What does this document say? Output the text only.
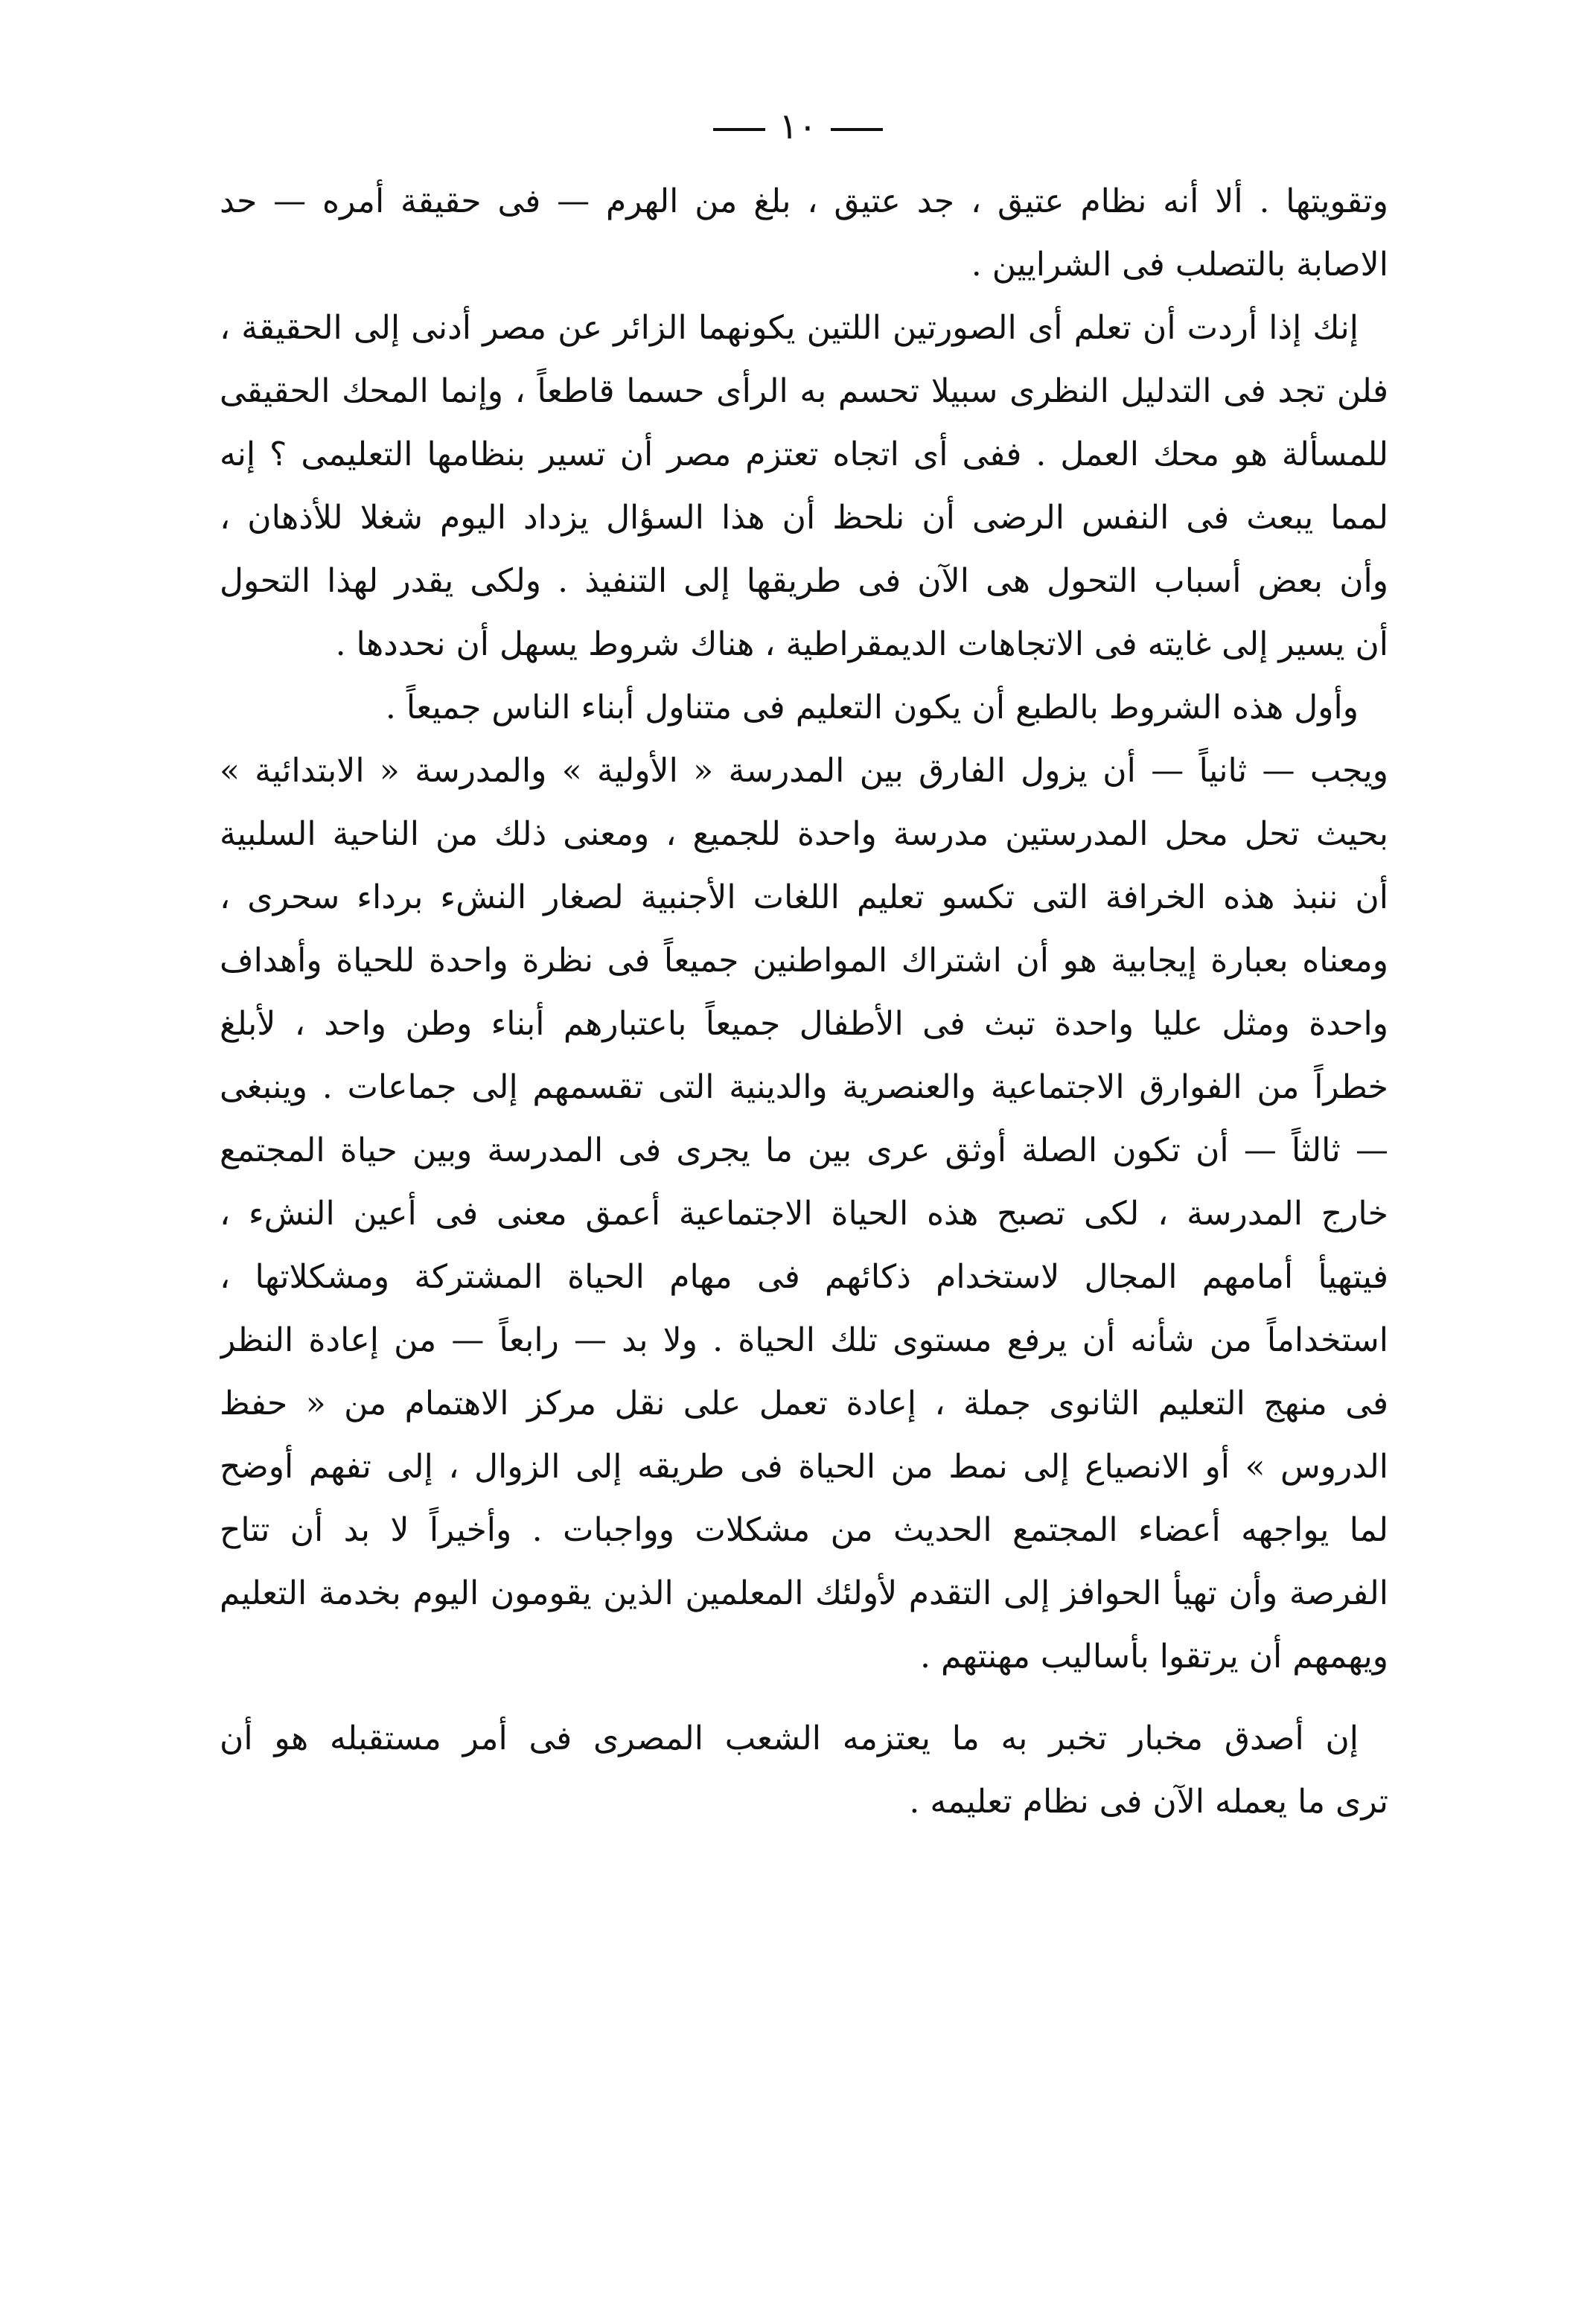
١٠
وتقويتها . ألا أنه نظام عتيق ، جد عتيق ، بلغ من الهرم — فى حقيقة أمره — حد
الاصابة بالتصلب فى الشرايين .
إنك إذا أردت أن تعلم أى الصورتين اللتين يكونهما الزائر عن مصر أدنى إلى الحقيقة ،
فلن تجد فى التدليل النظرى سبيلا تحسم به الرأى حسما قاطعاً ، وإنما المحك الحقيقى
للمسألة هو محك العمل . ففى أى اتجاه تعتزم مصر أن تسير بنظامها التعليمى ؟ إنه
لمما يبعث فى النفس الرضى أن نلحظ أن هذا السؤال يزداد اليوم شغلا للأذهان ،
وأن بعض أسباب التحول هى الآن فى طريقها إلى التنفيذ . ولكى يقدر لهذا التحول
أن يسير إلى غايته فى الاتجاهات الديمقراطية ، هناك شروط يسهل أن نحددها .
وأول هذه الشروط بالطبع أن يكون التعليم فى متناول أبناء الناس جميعاً .
ويجب — ثانياً — أن يزول الفارق بين المدرسة « الأولية » والمدرسة « الابتدائية »
بحيث تحل محل المدرستين مدرسة واحدة للجميع ، ومعنى ذلك من الناحية السلبية
أن ننبذ هذه الخرافة التى تكسو تعليم اللغات الأجنبية لصغار النشء برداء سحرى ،
ومعناه بعبارة إيجابية هو أن اشتراك المواطنين جميعاً فى نظرة واحدة للحياة وأهداف
واحدة ومثل عليا واحدة تبث فى الأطفال جميعاً باعتبارهم أبناء وطن واحد ، لأبلغ
خطراً من الفوارق الاجتماعية والعنصرية والدينية التى تقسمهم إلى جماعات . وينبغى
— ثالثاً — أن تكون الصلة أوثق عرى بين ما يجرى فى المدرسة وبين حياة المجتمع
خارج المدرسة ، لكى تصبح هذه الحياة الاجتماعية أعمق معنى فى أعين النشء ،
فيتهيأ أمامهم المجال لاستخدام ذكائهم فى مهام الحياة المشتركة ومشكلاتها ،
استخداماً من شأنه أن يرفع مستوى تلك الحياة . ولا بد — رابعاً — من إعادة النظر
فى منهج التعليم الثانوى جملة ، إعادة تعمل على نقل مركز الاهتمام من « حفظ
الدروس » أو الانصياع إلى نمط من الحياة فى طريقه إلى الزوال ، إلى تفهم أوضح
لما يواجهه أعضاء المجتمع الحديث من مشكلات وواجبات . وأخيراً لا بد أن تتاح
الفرصة وأن تهيأ الحوافز إلى التقدم لأولئك المعلمين الذين يقومون اليوم بخدمة التعليم
ويهمهم أن يرتقوا بأساليب مهنتهم .
إن أصدق مخبار تخبر به ما يعتزمه الشعب المصرى فى أمر مستقبله هو أن
ترى ما يعمله الآن فى نظام تعليمه .
